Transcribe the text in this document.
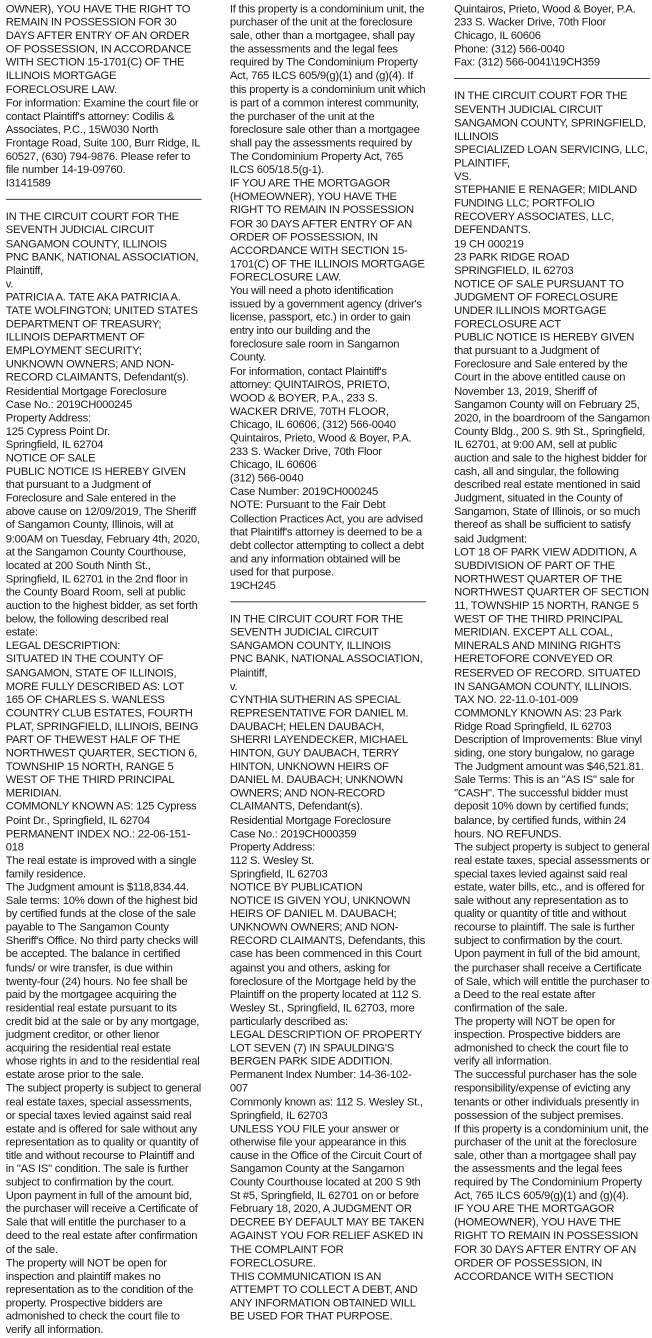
OWNER), YOU HAVE THE RIGHT TO REMAIN IN POSSESSION FOR 30 DAYS AFTER ENTRY OF AN ORDER OF POSSESSION, IN ACCORDANCE WITH SECTION 15-1701(C) OF THE ILLINOIS MORTGAGE FORECLOSURE LAW.

For information: Examine the court file or contact Plaintiff's attorney: Codilis & Associates, P.C., 15W030 North Frontage Road, Suite 100, Burr Ridge, IL 60527, (630) 794-9876. Please refer to file number 14-19-09760.

I3141589

IN THE CIRCUIT COURT FOR THE SEVENTH JUDICIAL CIRCUIT

SANGAMON COUNTY, ILLINOIS

PNC BANK, NATIONAL ASSOCIATION,

Plaintiff,

v.

PATRICIA A. TATE AKA PATRICIA A. TATE WOLFINGTON; UNITED STATES DEPARTMENT OF TREASURY; ILLINOIS DEPARTMENT OF EMPLOYMENT SECURITY; UNKNOWN OWNERS; AND NON-RECORD CLAIMANTS, Defendant(s).

Residential Mortgage Foreclosure

Case No.: 2019CH000245

Property Address:

125 Cypress Point Dr.

Springfield, IL 62704

NOTICE OF SALE

PUBLIC NOTICE IS HEREBY GIVEN that pursuant to a Judgment of Foreclosure and Sale entered in the above cause on 12/09/2019, The Sheriff of Sangamon County, Illinois, will at 9:00AM on Tuesday, February 4th, 2020, at the Sangamon County Courthouse, located at 200 South Ninth St., Springfield, IL 62701 in the 2nd floor in the County Board Room, sell at public auction to the highest bidder, as set forth below, the following described real estate:

LEGAL DESCRIPTION:

SITUATED IN THE COUNTY OF SANGAMON, STATE OF ILLINOIS, MORE FULLY DESCRIBED AS: LOT 165 OF CHARLES S. WANLESS COUNTRY CLUB ESTATES, FOURTH PLAT, SPRINGFIELD, ILLINOIS, BEING PART OF THEWEST HALF OF THE NORTHWEST QUARTER, SECTION 6, TOWNSHIP 15 NORTH, RANGE 5 WEST OF THE THIRD PRINCIPAL MERIDIAN.

COMMONLY KNOWN AS: 125 Cypress Point Dr., Springfield, IL 62704

PERMANENT INDEX NO.: 22-06-151-018

The real estate is improved with a single family residence.

The Judgment amount is $118,834.44.

Sale terms: 10% down of the highest bid by certified funds at the close of the sale payable to The Sangamon County Sheriff's Office. No third party checks will be accepted. The balance in certified funds/ or wire transfer, is due within twenty-four (24) hours. No fee shall be paid by the mortgagee acquiring the residential real estate pursuant to its credit bid at the sale or by any mortgage, judgment creditor, or other lienor acquiring the residential real estate whose rights in and to the residential real estate arose prior to the sale.

The subject property is subject to general real estate taxes, special assessments, or special taxes levied against said real estate and is offered for sale without any representation as to quality or quantity of title and without recourse to Plaintiff and in "AS IS" condition. The sale is further subject to confirmation by the court.

Upon payment in full of the amount bid, the purchaser will receive a Certificate of Sale that will entitle the purchaser to a deed to the real estate after confirmation of the sale.

The property will NOT be open for inspection and plaintiff makes no representation as to the condition of the property. Prospective bidders are admonished to check the court file to verify all information.

If this property is a condominium unit, the purchaser of the unit at the foreclosure sale, other than a mortgagee, shall pay the assessments and the legal fees required by The Condominium Property Act, 765 ILCS 605/9(g)(1) and (g)(4). If this property is a condominium unit which is part of a common interest community, the purchaser of the unit at the foreclosure sale other than a mortgagee shall pay the assessments required by The Condominium Property Act, 765 ILCS 605/18.5(g-1).

IF YOU ARE THE MORTGAGOR (HOMEOWNER), YOU HAVE THE RIGHT TO REMAIN IN POSSESSION FOR 30 DAYS AFTER ENTRY OF AN ORDER OF POSSESSION, IN ACCORDANCE WITH SECTION 15-1701(C) OF THE ILLINOIS MORTGAGE FORECLOSURE LAW.

You will need a photo identification issued by a government agency (driver's license, passport, etc.) in order to gain entry into our building and the foreclosure sale room in Sangamon County.

For information, contact Plaintiff's attorney: QUINTAIROS, PRIETO, WOOD & BOYER, P.A., 233 S. WACKER DRIVE, 70TH FLOOR, Chicago, IL 60606, (312) 566-0040

Quintairos, Prieto, Wood & Boyer, P.A.

233 S. Wacker Drive, 70th Floor

Chicago, IL 60606

(312) 566-0040

Case Number: 2019CH000245

NOTE: Pursuant to the Fair Debt Collection Practices Act, you are advised that Plaintiff's attorney is deemed to be a debt collector attempting to collect a debt and any information obtained will be used for that purpose.

19CH245

IN THE CIRCUIT COURT FOR THE SEVENTH JUDICIAL CIRCUIT

SANGAMON COUNTY, ILLINOIS

PNC BANK, NATIONAL ASSOCIATION,

Plaintiff,

v.

CYNTHIA SUTHERIN AS SPECIAL REPRESENTATIVE FOR DANIEL M. DAUBACH; HELEN DAUBACH, SHERRI LAYENDECKER, MICHAEL HINTON, GUY DAUBACH, TERRY HINTON, UNKNOWN HEIRS OF DANIEL M. DAUBACH; UNKNOWN OWNERS; AND NON-RECORD CLAIMANTS, Defendant(s).

Residential Mortgage Foreclosure

Case No.: 2019CH000359

Property Address:

112 S. Wesley St.

Springfield, IL 62703

NOTICE BY PUBLICATION

NOTICE IS GIVEN YOU, UNKNOWN HEIRS OF DANIEL M. DAUBACH; UNKNOWN OWNERS; AND NON-RECORD CLAIMANTS, Defendants, this case has been commenced in this Court against you and others, asking for foreclosure of the Mortgage held by the Plaintiff on the property located at 112 S. Wesley St., Springfield, IL 62703, more particularly described as:

LEGAL DESCRIPTION OF PROPERTY

LOT SEVEN (7) IN SPAULDING'S BERGEN PARK SIDE ADDITION.

Permanent Index Number: 14-36-102-007

Commonly known as: 112 S. Wesley St., Springfield, IL 62703

UNLESS YOU FILE your answer or otherwise file your appearance in this cause in the Office of the Circuit Court of Sangamon County at the Sangamon County Courthouse located at 200 S 9th St #5, Springfield, IL 62701 on or before February 18, 2020, A JUDGMENT OR DECREE BY DEFAULT MAY BE TAKEN AGAINST YOU FOR RELIEF ASKED IN THE COMPLAINT FOR FORECLOSURE.

THIS COMMUNICATION IS AN ATTEMPT TO COLLECT A DEBT, AND ANY INFORMATION OBTAINED WILL BE USED FOR THAT PURPOSE.

Quintairos, Prieto, Wood & Boyer, P.A.

233 S. Wacker Drive, 70th Floor

Chicago, IL 60606

Phone: (312) 566-0040

Fax: (312) 566-0041\19CH359

IN THE CIRCUIT COURT FOR THE SEVENTH JUDICIAL CIRCUIT

SANGAMON COUNTY, SPRINGFIELD, ILLINOIS

SPECIALIZED LOAN SERVICING, LLC,

PLAINTIFF,

VS.

STEPHANIE E RENAGER; MIDLAND FUNDING LLC; PORTFOLIO RECOVERY ASSOCIATES, LLC,

DEFENDANTS.

19 CH 000219

23 PARK RIDGE ROAD

SPRINGFIELD, IL 62703

NOTICE OF SALE PURSUANT TO JUDGMENT OF FORECLOSURE

UNDER ILLINOIS MORTGAGE FORECLOSURE ACT

PUBLIC NOTICE IS HEREBY GIVEN that pursuant to a Judgment of Foreclosure and Sale entered by the Court in the above entitled cause on November 13, 2019, Sheriff of Sangamon County will on February 25, 2020, in the boardroom of the Sangamon County Bldg., 200 S. 9th St., Springfield, IL 62701, at 9:00 AM, sell at public auction and sale to the highest bidder for cash, all and singular, the following described real estate mentioned in said Judgment, situated in the County of Sangamon, State of Illinois, or so much thereof as shall be sufficient to satisfy said Judgment:

LOT 18 OF PARK VIEW ADDITION, A SUBDIVISION OF PART OF THE NORTHWEST QUARTER OF THE NORTHWEST QUARTER OF SECTION 11, TOWNSHIP 15 NORTH, RANGE 5 WEST OF THE THIRD PRINCIPAL MERIDIAN. EXCEPT ALL COAL, MINERALS AND MINING RIGHTS HERETOFORE CONVEYED OR RESERVED OF RECORD. SITUATED IN SANGAMON COUNTY, ILLINOIS.

TAX NO. 22-11.0-101-009

COMMONLY KNOWN AS: 23 Park Ridge Road Springfield, IL 62703

Description of Improvements: Blue vinyl siding, one story bungalow, no garage

The Judgment amount was $46,521.81.

Sale Terms: This is an "AS IS" sale for "CASH". The successful bidder must deposit 10% down by certified funds; balance, by certified funds, within 24 hours. NO REFUNDS.

The subject property is subject to general real estate taxes, special assessments or special taxes levied against said real estate, water bills, etc., and is offered for sale without any representation as to quality or quantity of title and without recourse to plaintiff. The sale is further subject to confirmation by the court.

Upon payment in full of the bid amount, the purchaser shall receive a Certificate of Sale, which will entitle the purchaser to a Deed to the real estate after confirmation of the sale.

The property will NOT be open for inspection. Prospective bidders are admonished to check the court file to verify all information.

The successful purchaser has the sole responsibility/expense of evicting any tenants or other individuals presently in possession of the subject premises.

If this property is a condominium unit, the purchaser of the unit at the foreclosure sale, other than a mortgagee shall pay the assessments and the legal fees required by The Condominium Property Act, 765 ILCS 605/9(g)(1) and (g)(4).

IF YOU ARE THE MORTGAGOR (HOMEOWNER), YOU HAVE THE RIGHT TO REMAIN IN POSSESSION FOR 30 DAYS AFTER ENTRY OF AN ORDER OF POSSESSION, IN ACCORDANCE WITH SECTION
